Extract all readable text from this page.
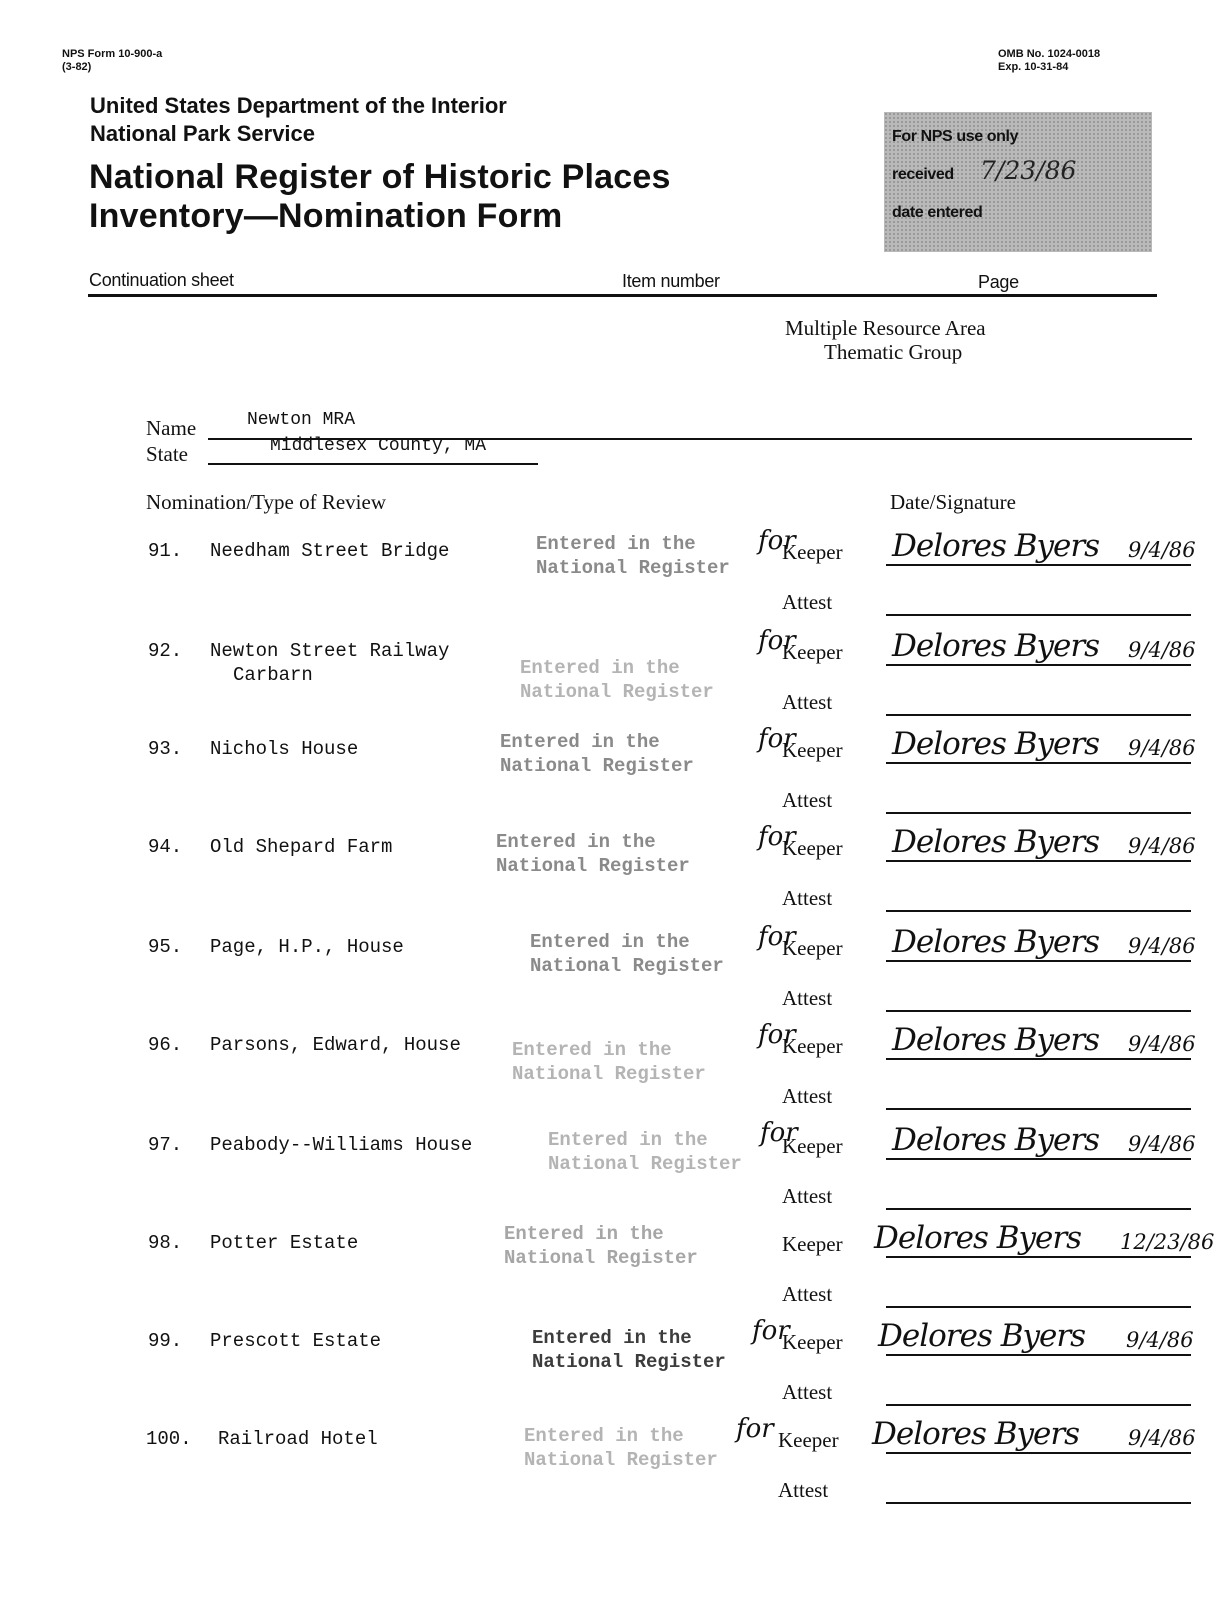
NPS Form 10-900-a
(3-82)
OMB No. 1024-0018
Exp. 10-31-84
United States Department of the Interior
National Park Service
National Register of Historic Places
Inventory—Nomination Form
For NPS use only
received 7/23/86
date entered
Continuation sheet	Item number	Page
Multiple Resource Area
Thematic Group
Name	Newton MRA
State	Middlesex County, MA
Nomination/Type of Review	Date/Signature
91. Needham Street Bridge	Entered in the
National Register
for
Keeper Delores Byers 9/4/86
Attest
92. Newton Street Railway
Carbarn	Entered in the
National Register
for
Keeper Delores Byers 9/4/86
Attest
93. Nichols House	Entered in the
National Register
for
Keeper Delores Byers 9/4/86
Attest
94. Old Shepard Farm	Entered in the
National Register
for
Keeper Delores Byers 9/4/86
Attest
95. Page, H.P., House	Entered in the
National Register
for
Keeper Delores Byers 9/4/86
Attest
96. Parsons, Edward, House	Entered in the
National Register
for
Keeper Delores Byers 9/4/86
Attest
97. Peabody--Williams House	Entered in the
National Register
for
Keeper Delores Byers 9/4/86
Attest
98. Potter Estate	Entered in the
National Register
Keeper Delores Byers 12/23/86
Attest
99. Prescott Estate	Entered in the
National Register
for
Keeper Delores Byers 9/4/86
Attest
100. Railroad Hotel	Entered in the
National Register
for Keeper Delores Byers 9/4/86
Attest
